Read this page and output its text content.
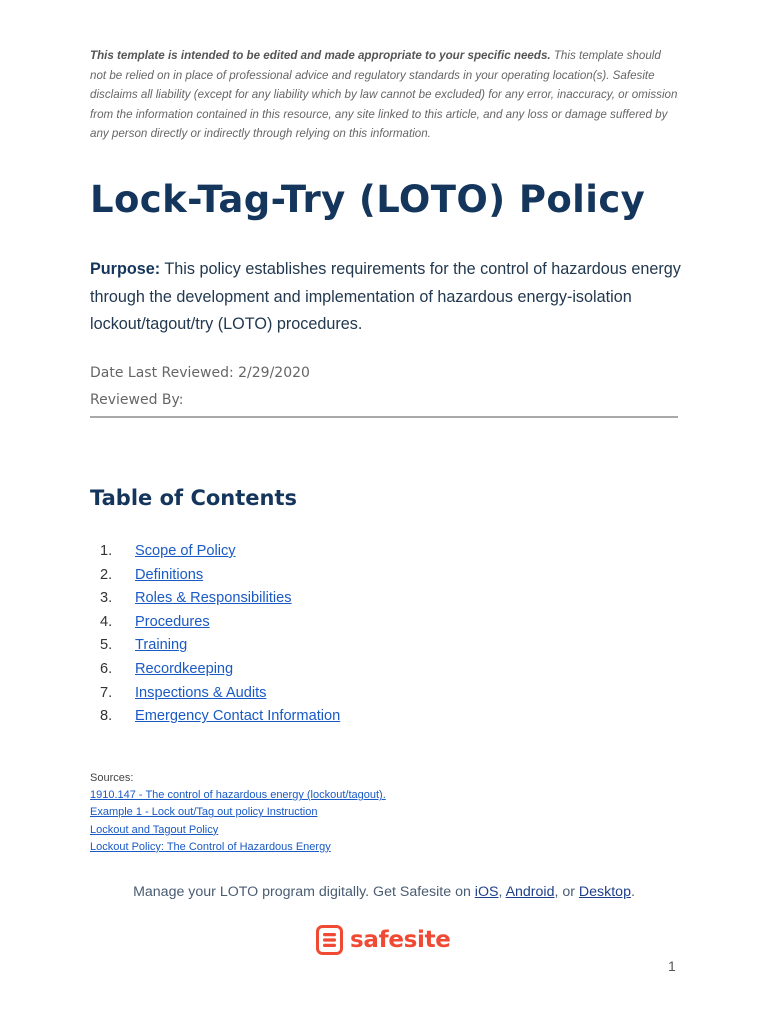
This template is intended to be edited and made appropriate to your specific needs. This template should not be relied on in place of professional advice and regulatory standards in your operating location(s). Safesite disclaims all liability (except for any liability which by law cannot be excluded) for any error, inaccuracy, or omission from the information contained in this resource, any site linked to this article, and any loss or damage suffered by any person directly or indirectly through relying on this information.
Lock-Tag-Try (LOTO) Policy
Purpose: This policy establishes requirements for the control of hazardous energy through the development and implementation of hazardous energy-isolation lockout/tagout/try (LOTO) procedures.
Date Last Reviewed: 2/29/2020
Reviewed By:
Table of Contents
1.	Scope of Policy
2.	Definitions
3.	Roles & Responsibilities
4.	Procedures
5.	Training
6.	Recordkeeping
7.	Inspections & Audits
8.	Emergency Contact Information
Sources:
1910.147 - The control of hazardous energy (lockout/tagout).
Example 1 - Lock out/Tag out policy Instruction
Lockout and Tagout Policy
Lockout Policy: The Control of Hazardous Energy
Manage your LOTO program digitally. Get Safesite on iOS, Android, or Desktop.
safesite
1
